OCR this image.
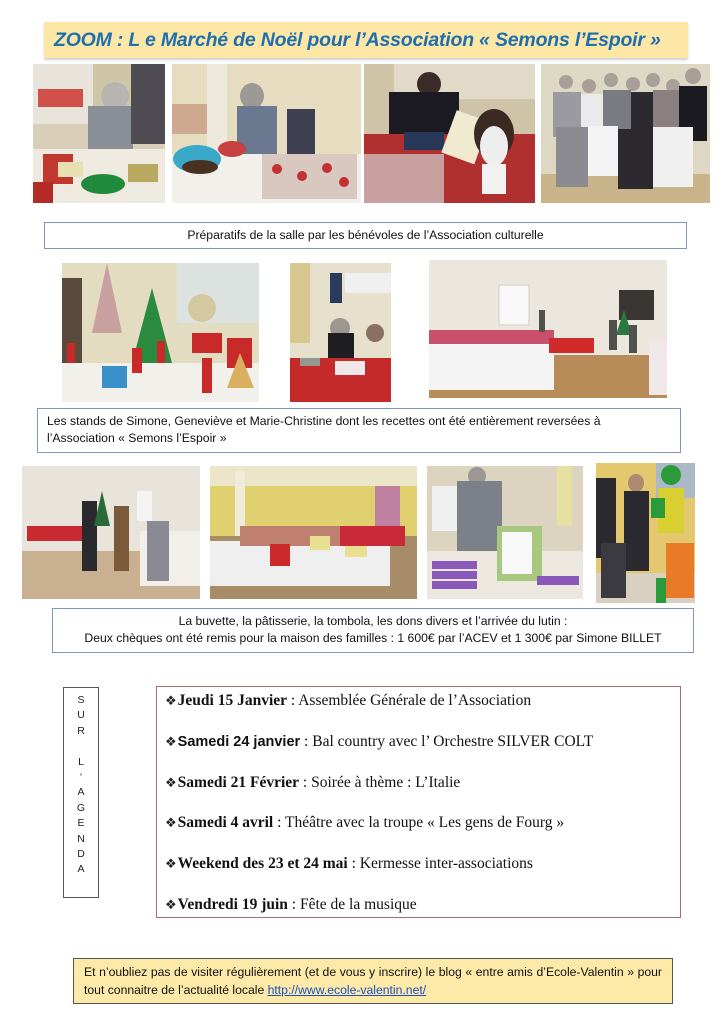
ZOOM : L e Marché de Noël pour l’Association « Semons l’Espoir »
Préparatifs de la salle par les bénévoles de l’Association culturelle
Les stands de Simone, Geneviève et Marie-Christine dont les recettes ont été entièrement reversées à
l’Association « Semons l’Espoir »
La buvette, la pâtisserie, la tombola, les dons divers et l’arrivée du lutin :
Deux chèques ont été remis pour la maison des familles : 1 600€ par l’ACEV et 1 300€ par Simone BILLET
S
U
R
L
‘
A
G
E
N
D
A
❖Jeudi 15 Janvier : Assemblée Générale de l’Association
❖Samedi 24 janvier : Bal country avec l’ Orchestre SILVER COLT
❖Samedi 21 Février : Soirée à thème : L’Italie
❖Samedi 4 avril : Théâtre avec la troupe « Les gens de Fourg »
❖Weekend des 23 et 24 mai : Kermesse inter-associations
❖Vendredi 19 juin : Fête de la musique
Et n’oubliez pas de visiter régulièrement (et de vous y inscrire) le blog « entre amis d’Ecole-Valentin » pour tout connaitre de l’actualité locale http://www.ecole-valentin.net/
